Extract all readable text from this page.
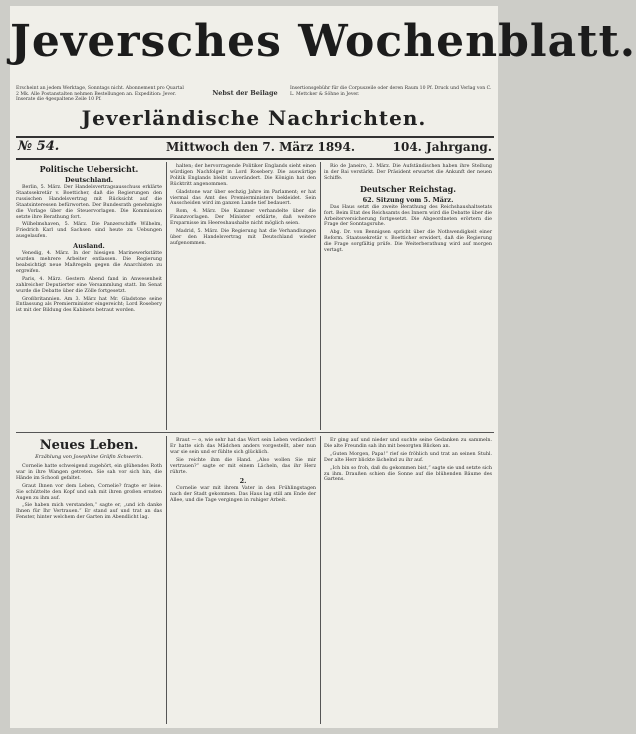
Jeversches Wochenblatt.
Erscheint an jedem Werktage, Sonntags nicht. Abonnement pro Quartal 2 Mk. Alle Postanstalten nehmen Bestellungen an. Expedition: Jever. Inserate die 4gespaltene Zeile 10 Pf.
Nebst der Beilage
Insertionsgebühr für die Corpuszeile oder deren Raum 10 Pf. Druck und Verlag von C. L. Mettcker & Söhne in Jever.
Jeverländische Nachrichten.
№ 54.	Mittwoch den 7. März 1894.	104. Jahrgang.
Politische Uebersicht.
Deutschland.

Berlin, 5. März. Der Handelsvertragsausschuss erklärte Staatssekretär v. Boetticher, daß die Regierungen den russischen Handelsvertrag mit Rücksicht auf die Staatsinteressen befürworten. Der Bundesrath genehmigte die Vorlage über die Steuervorlagen. Die Kommission setzte ihre Berathung fort.

Wilhelmshaven, 5. März. Die Panzerschiffe Wilhelm, Friedrich Karl und Sachsen sind heute zu Uebungen ausgelaufen.

Ausland.

Venedig, 4. März. In der hiesigen Marinewerkstätte wurden mehrere Arbeiter entlassen. Die Regierung beabsichtigt neue Maßregeln gegen die Anarchisten zu ergreifen.

Paris, 4. März. Gestern Abend fand in Anwesenheit zahlreicher Deputierter eine Versammlung statt. Im Senat wurde die Debatte über die Zölle fortgesetzt.

Großbritannien. Am 3. März hat Mr. Gladstone seine Entlassung als Premierminister eingereicht; Lord Rosebery ist mit der Bildung des Kabinets betraut worden.

halten; der hervorragende Politiker Englands sieht einen würdigen Nachfolger in Lord Rosebery. Die auswärtige Politik Englands bleibt unverändert. Die Königin hat den Rücktritt angenommen.

Gladstone war über sechzig Jahre im Parlament; er hat viermal das Amt des Premierministers bekleidet. Sein Ausscheiden wird im ganzen Lande tief bedauert.

Rom, 4. März. Die Kammer verhandelte über die Finanzvorlagen. Der Minister erklärte, daß weitere Ersparnisse im Heereshaushalte nicht möglich seien.

Madrid, 5. März. Die Regierung hat die Verhandlungen über den Handelsvertrag mit Deutschland wieder aufgenommen.

Rio de Janeiro, 2. März. Die Aufständischen haben ihre Stellung in der Bai verstärkt. Der Präsident erwartet die Ankunft der neuen Schiffe.

Deutscher Reichstag.
62. Sitzung vom 5. März.

Das Haus setzt die zweite Berathung des Reichshaushaltsetats fort. Beim Etat des Reichsamts des Innern wird die Debatte über die Arbeiterversicherung fortgesetzt. Die Abgeordneten erörtern die Frage der Sonntagsruhe.

Abg. Dr. von Bennigsen spricht über die Nothwendigkeit einer Reform. Staatssekretär v. Boetticher erwidert, daß die Regierung die Frage sorgfältig prüfe. Die Weiterberathung wird auf morgen vertagt.

Neues Leben.
Erzählung von Josephine Gräfin Schwerin.

Cornelie hatte schweigend zugehört, ein glühendes Roth war in ihre Wangen getreten. Sie sah vor sich hin, die Hände im Schooß gefaltet.

Graut Ihnen vor dem Leben, Cornelie? fragte er leise. Sie schüttelte den Kopf und sah mit ihren großen ernsten Augen zu ihm auf.

„Sie haben mich verstanden,“ sagte er, „und ich danke Ihnen für Ihr Vertrauen.“ Er stand auf und trat an das Fenster, hinter welchem der Garten im Abendlicht lag.

Braut — o, wie sehr hat das Wort sein Leben verändert! Er hatte sich das Mädchen anders vorgestellt, aber nun war sie sein und er fühlte sich glücklich.

Sie reichte ihm die Hand. „Also wollen Sie mir vertrauen?“ sagte er mit einem Lächeln, das ihr Herz rührte.

2.

Cornelie war mit ihrem Vater in den Frühlingstagen nach der Stadt gekommen. Das Haus lag still am Ende der Allee, und die Tage vergingen in ruhiger Arbeit.

Er ging auf und nieder und suchte seine Gedanken zu sammeln. Die alte Freundin sah ihn mit besorgten Blicken an.

„Guten Morgen, Papa!“ rief sie fröhlich und trat an seinen Stuhl. Der alte Herr blickte lächelnd zu ihr auf.

„Ich bin so froh, daß du gekommen bist,“ sagte sie und setzte sich zu ihm. Draußen schien die Sonne auf die blühenden Bäume des Gartens.
